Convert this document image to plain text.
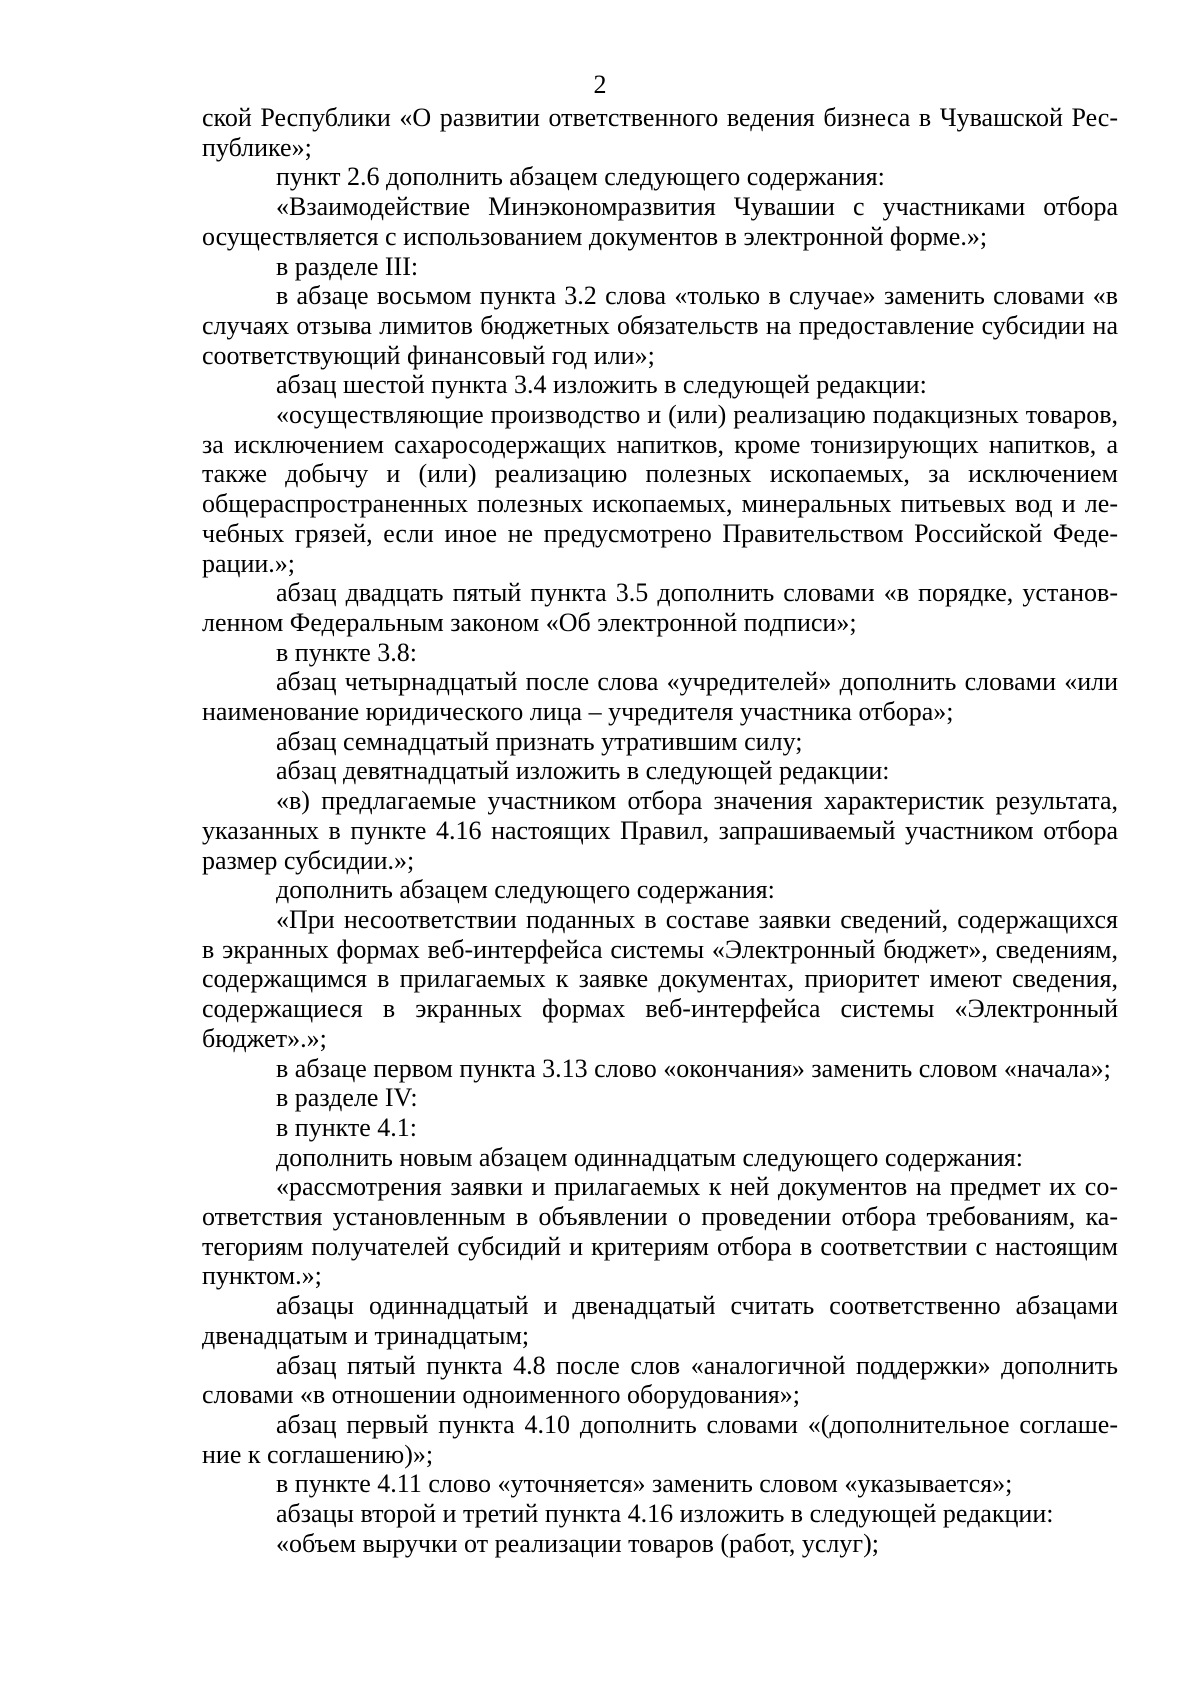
2

ской Республики «О развитии ответственного ведения бизнеса в Чувашской Республике»;

пункт 2.6 дополнить абзацем следующего содержания:

«Взаимодействие Минэкономразвития Чувашии с участниками отбора осуществляется с использованием документов в электронной форме.»;

в разделе III:

в абзаце восьмом пункта 3.2 слова «только в случае» заменить словами «в случаях отзыва лимитов бюджетных обязательств на предоставление субсидии на соответствующий финансовый год или»;

абзац шестой пункта 3.4 изложить в следующей редакции:

«осуществляющие производство и (или) реализацию подакцизных товаров, за исключением сахаросодержащих напитков, кроме тонизирующих напитков, а также добычу и (или) реализацию полезных ископаемых, за исключением общераспространенных полезных ископаемых, минеральных питьевых вод и лечебных грязей, если иное не предусмотрено Правительством Российской Федерации.»;

абзац двадцать пятый пункта 3.5 дополнить словами «в порядке, установленном Федеральным законом «Об электронной подписи»;

в пункте 3.8:

абзац четырнадцатый после слова «учредителей» дополнить словами «или наименование юридического лица – учредителя участника отбора»;

абзац семнадцатый признать утратившим силу;

абзац девятнадцатый изложить в следующей редакции:

«в) предлагаемые участником отбора значения характеристик результата, указанных в пункте 4.16 настоящих Правил, запрашиваемый участником отбора размер субсидии.»;

дополнить абзацем следующего содержания:

«При несоответствии поданных в составе заявки сведений, содержащихся в экранных формах веб-интерфейса системы «Электронный бюджет», сведениям, содержащимся в прилагаемых к заявке документах, приоритет имеют сведения, содержащиеся в экранных формах веб-интерфейса системы «Электронный бюджет».»;

в абзаце первом пункта 3.13 слово «окончания» заменить словом «начала»;

в разделе IV:

в пункте 4.1:

дополнить новым абзацем одиннадцатым следующего содержания:

«рассмотрения заявки и прилагаемых к ней документов на предмет их соответствия установленным в объявлении о проведении отбора требованиям, категориям получателей субсидий и критериям отбора в соответствии с настоящим пунктом.»;

абзацы одиннадцатый и двенадцатый считать соответственно абзацами двенадцатым и тринадцатым;

абзац пятый пункта 4.8 после слов «аналогичной поддержки» дополнить словами «в отношении одноименного оборудования»;

абзац первый пункта 4.10 дополнить словами «(дополнительное соглашение к соглашению)»;

в пункте 4.11 слово «уточняется» заменить словом «указывается»;

абзацы второй и третий пункта 4.16 изложить в следующей редакции:

«объем выручки от реализации товаров (работ, услуг);
